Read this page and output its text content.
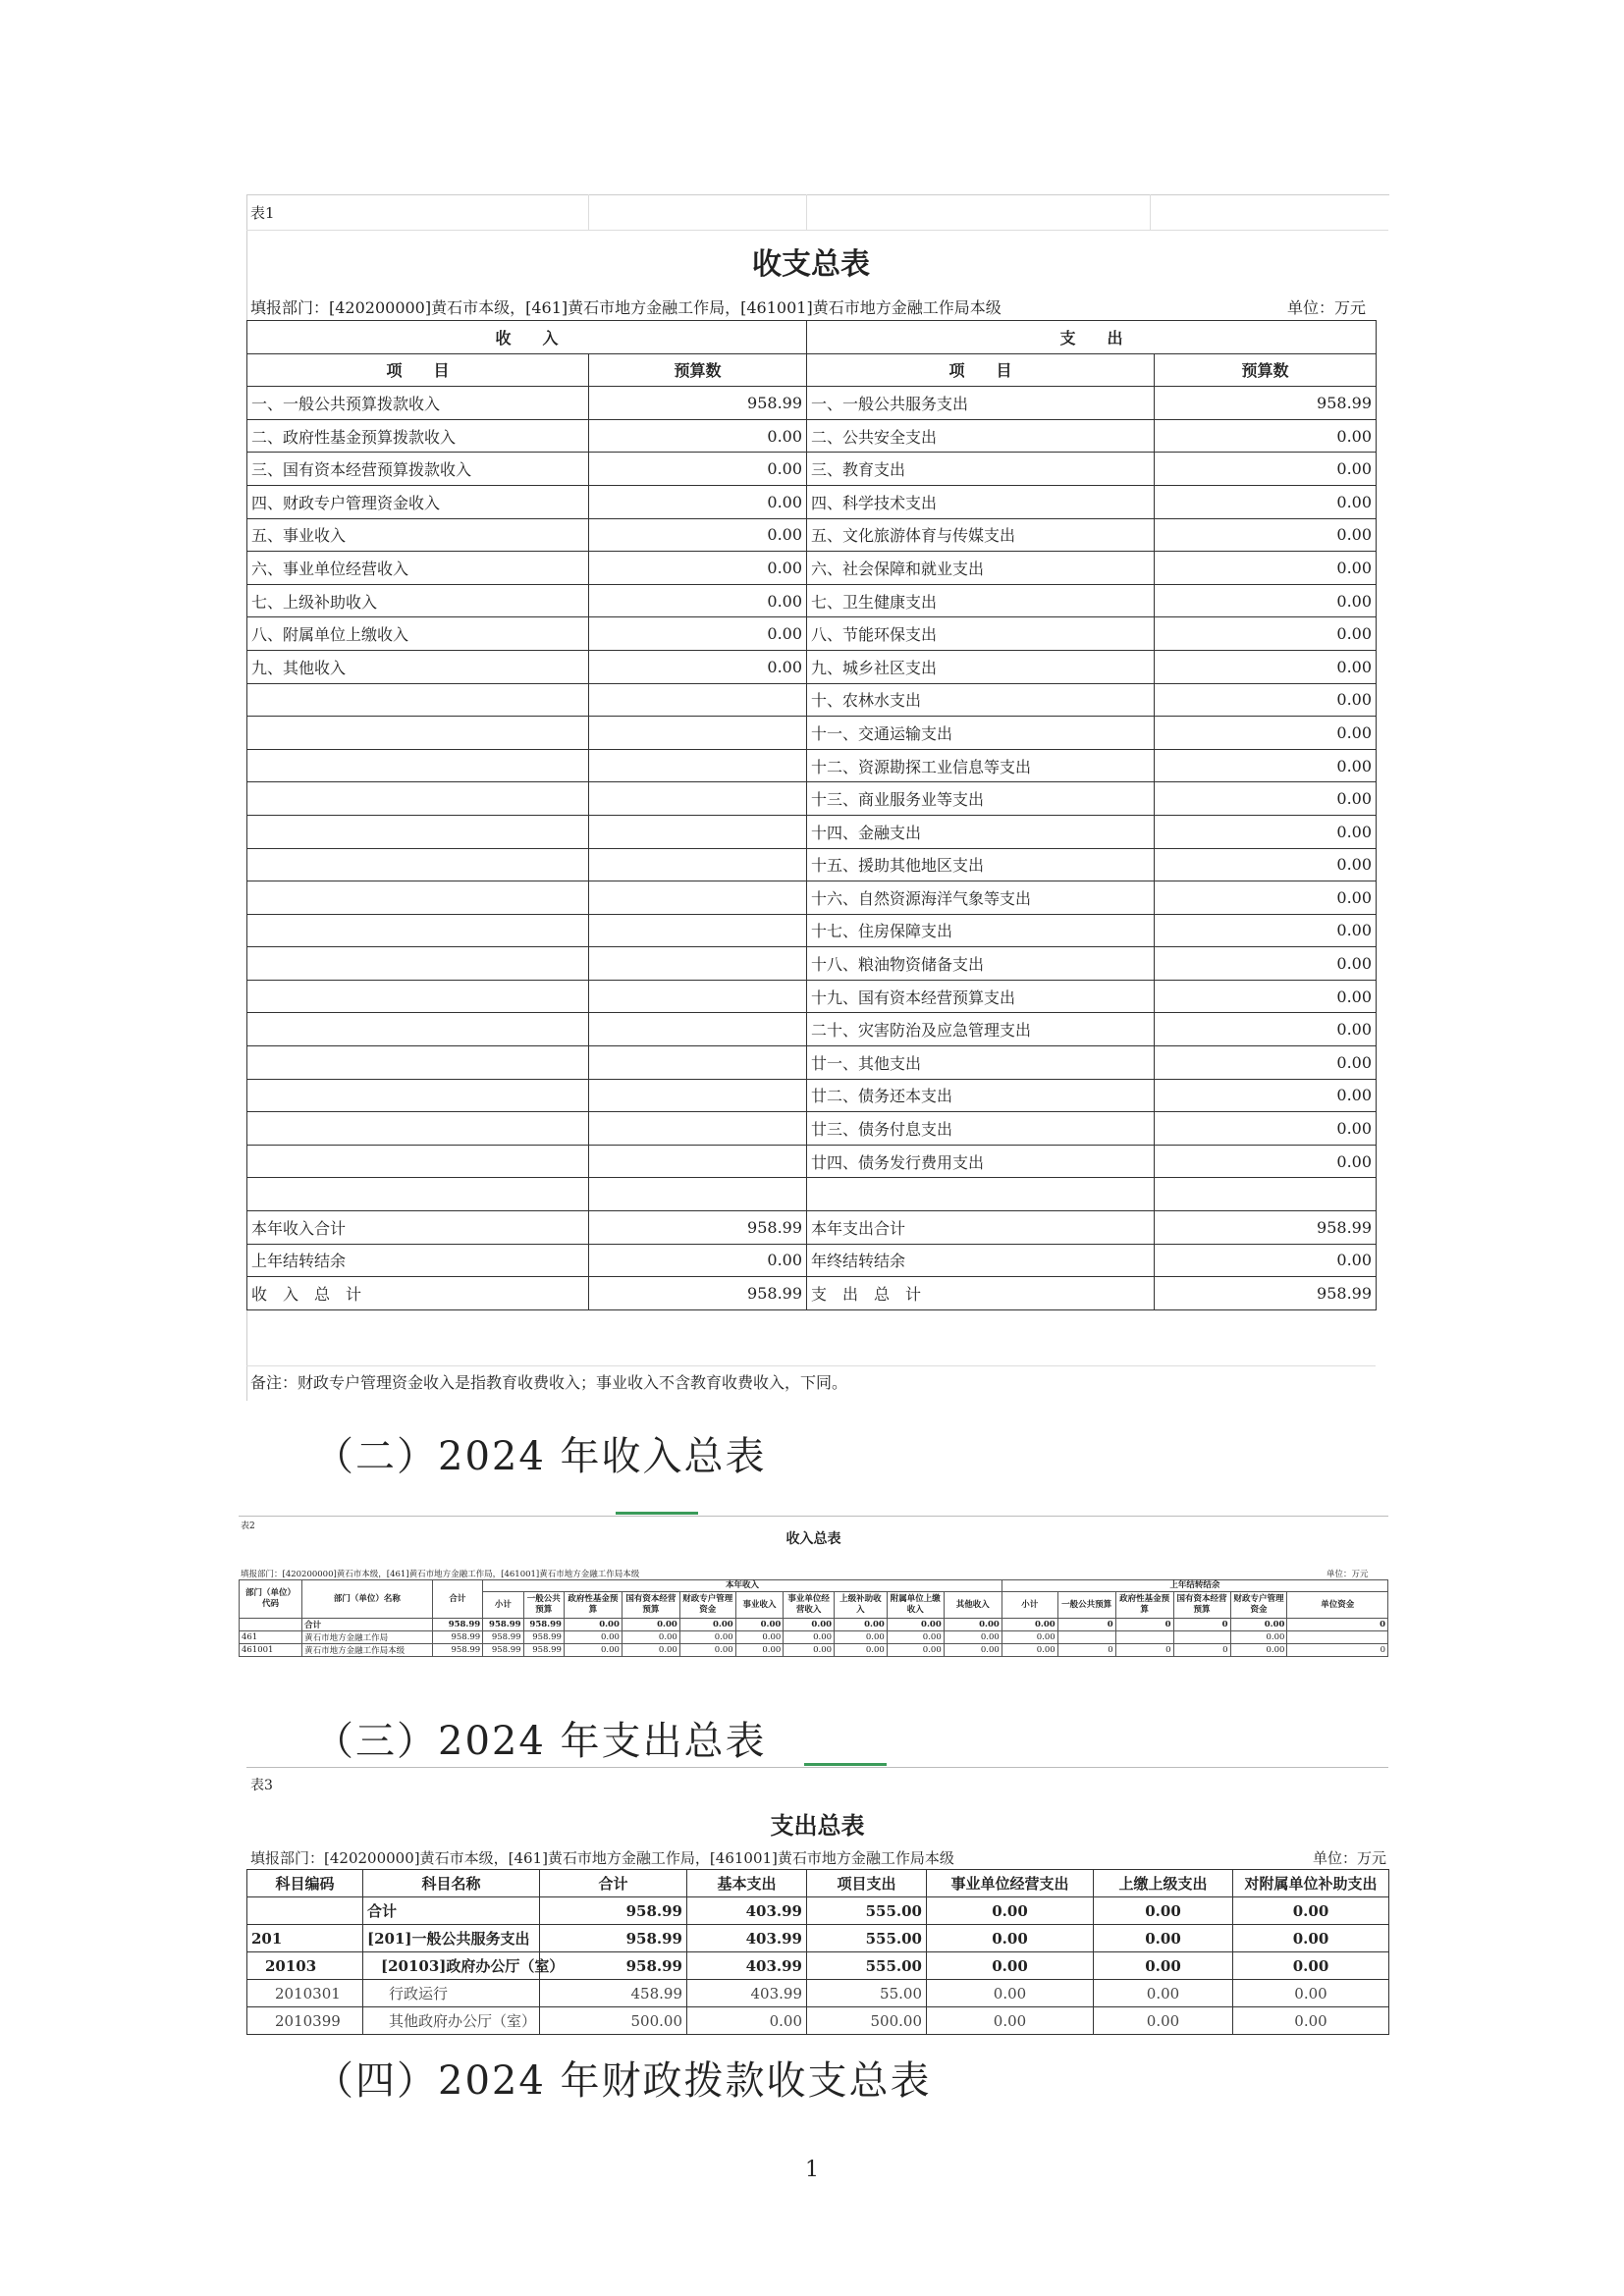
表1
收支总表
填报部门：[420200000]黄石市本级，[461]黄石市地方金融工作局，[461001]黄石市地方金融工作局本级	单位：万元
收　　入		支　　出	
项　　目	预算数	项　　目	预算数
一、一般公共预算拨款收入	958.99	一、一般公共服务支出	958.99
二、政府性基金预算拨款收入	0.00	二、公共安全支出	0.00
三、国有资本经营预算拨款收入	0.00	三、教育支出	0.00
四、财政专户管理资金收入	0.00	四、科学技术支出	0.00
五、事业收入	0.00	五、文化旅游体育与传媒支出	0.00
六、事业单位经营收入	0.00	六、社会保障和就业支出	0.00
七、上级补助收入	0.00	七、卫生健康支出	0.00
八、附属单位上缴收入	0.00	八、节能环保支出	0.00
九、其他收入	0.00	九、城乡社区支出	0.00
		十、农林水支出	0.00
		十一、交通运输支出	0.00
		十二、资源勘探工业信息等支出	0.00
		十三、商业服务业等支出	0.00
		十四、金融支出	0.00
		十五、援助其他地区支出	0.00
		十六、自然资源海洋气象等支出	0.00
		十七、住房保障支出	0.00
		十八、粮油物资储备支出	0.00
		十九、国有资本经营预算支出	0.00
		二十、灾害防治及应急管理支出	0.00
		廿一、其他支出	0.00
		廿二、债务还本支出	0.00
		廿三、债务付息支出	0.00
		廿四、债务发行费用支出	0.00

本年收入合计	958.99	本年支出合计	958.99
上年结转结余	0.00	年终结转结余	0.00
收　入　总　计	958.99	支　出　总　计	958.99
备注：财政专户管理资金收入是指教育收费收入；事业收入不含教育收费收入，下同。
（二）2024 年收入总表
表2
收入总表
填报部门：[420200000]黄石市本级，[461]黄石市地方金融工作局，[461001]黄石市地方金融工作局本级	单位：万元
部门（单位）代码	部门（单位）名称	合计	本年收入										上年结转结余					
			小计	一般公共预算	政府性基金预算	国有资本经营预算	财政专户管理资金	事业收入	事业单位经营收入	上级补助收入	附属单位上缴收入	其他收入	小计	一般公共预算	政府性基金预算	国有资本经营预算	财政专户管理资金	单位资金
	合计	958.99	958.99	958.99	0.00	0.00	0.00	0.00	0.00	0.00	0.00	0.00	0.00	0	0	0	0.00	0
461	黄石市地方金融工作局	958.99	958.99	958.99	0.00	0.00	0.00	0.00	0.00	0.00	0.00	0.00	0.00				0.00	
461001	黄石市地方金融工作局本级	958.99	958.99	958.99	0.00	0.00	0.00	0.00	0.00	0.00	0.00	0.00	0.00	0	0	0	0.00	0
（三）2024 年支出总表
表3
支出总表
填报部门：[420200000]黄石市本级，[461]黄石市地方金融工作局，[461001]黄石市地方金融工作局本级	单位：万元
科目编码	科目名称	合计	基本支出	项目支出	事业单位经营支出	上缴上级支出	对附属单位补助支出
	合计	958.99	403.99	555.00	0.00	0.00	0.00
201	[201]一般公共服务支出	958.99	403.99	555.00	0.00	0.00	0.00
20103	[20103]政府办公厅（室）	958.99	403.99	555.00	0.00	0.00	0.00
2010301	行政运行	458.99	403.99	55.00	0.00	0.00	0.00
2010399	其他政府办公厅（室）	500.00	0.00	500.00	0.00	0.00	0.00
（四）2024 年财政拨款收支总表
1
